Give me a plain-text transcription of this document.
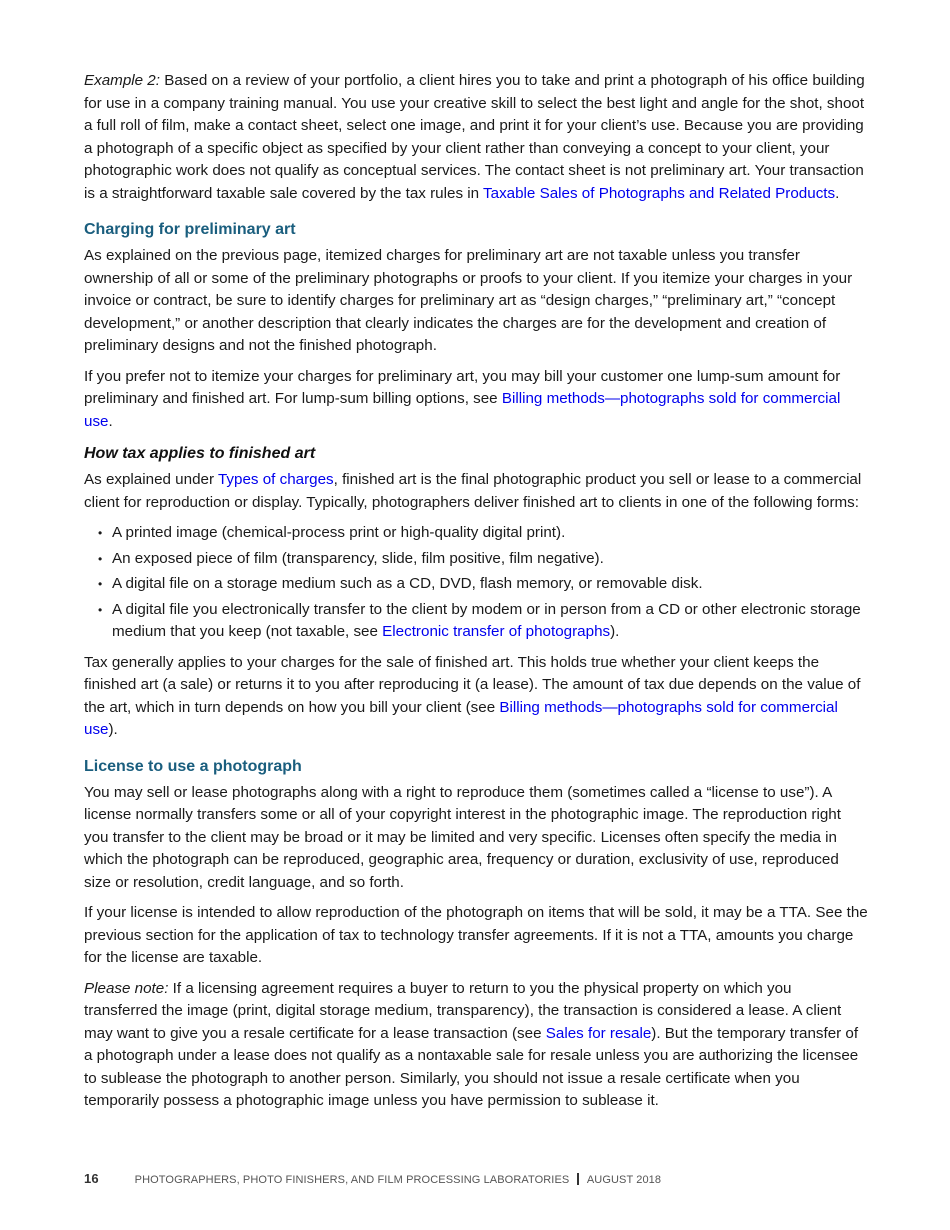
Example 2: Based on a review of your portfolio, a client hires you to take and print a photograph of his office building for use in a company training manual. You use your creative skill to select the best light and angle for the shot, shoot a full roll of film, make a contact sheet, select one image, and print it for your client’s use. Because you are providing a photograph of a specific object as specified by your client rather than conveying a concept to your client, your photographic work does not qualify as conceptual services. The contact sheet is not preliminary art. Your transaction is a straightforward taxable sale covered by the tax rules in Taxable Sales of Photographs and Related Products.

Charging for preliminary art

As explained on the previous page, itemized charges for preliminary art are not taxable unless you transfer ownership of all or some of the preliminary photographs or proofs to your client. If you itemize your charges in your invoice or contract, be sure to identify charges for preliminary art as “design charges,” “preliminary art,” “concept development,” or another description that clearly indicates the charges are for the development and creation of preliminary designs and not the finished photograph.

If you prefer not to itemize your charges for preliminary art, you may bill your customer one lump-sum amount for preliminary and finished art. For lump-sum billing options, see Billing methods—photographs sold for commercial use.

How tax applies to finished art

As explained under Types of charges, finished art is the final photographic product you sell or lease to a commercial client for reproduction or display. Typically, photographers deliver finished art to clients in one of the following forms:

• A printed image (chemical-process print or high-quality digital print).
• An exposed piece of film (transparency, slide, film positive, film negative).
• A digital file on a storage medium such as a CD, DVD, flash memory, or removable disk.
• A digital file you electronically transfer to the client by modem or in person from a CD or other electronic storage medium that you keep (not taxable, see Electronic transfer of photographs).

Tax generally applies to your charges for the sale of finished art. This holds true whether your client keeps the finished art (a sale) or returns it to you after reproducing it (a lease). The amount of tax due depends on the value of the art, which in turn depends on how you bill your client (see Billing methods—photographs sold for commercial use).

License to use a photograph

You may sell or lease photographs along with a right to reproduce them (sometimes called a “license to use”). A license normally transfers some or all of your copyright interest in the photographic image. The reproduction right you transfer to the client may be broad or it may be limited and very specific. Licenses often specify the media in which the photograph can be reproduced, geographic area, frequency or duration, exclusivity of use, reproduced size or resolution, credit language, and so forth.

If your license is intended to allow reproduction of the photograph on items that will be sold, it may be a TTA. See the previous section for the application of tax to technology transfer agreements. If it is not a TTA, amounts you charge for the license are taxable.

Please note: If a licensing agreement requires a buyer to return to you the physical property on which you transferred the image (print, digital storage medium, transparency), the transaction is considered a lease. A client may want to give you a resale certificate for a lease transaction (see Sales for resale). But the temporary transfer of a photograph under a lease does not qualify as a nontaxable sale for resale unless you are authorizing the licensee to sublease the photograph to another person. Similarly, you should not issue a resale certificate when you temporarily possess a photographic image unless you have permission to sublease it.

16	PHOTOGRAPHERS, PHOTO FINISHERS, AND FILM PROCESSING LABORATORIES AUGUST 2018
